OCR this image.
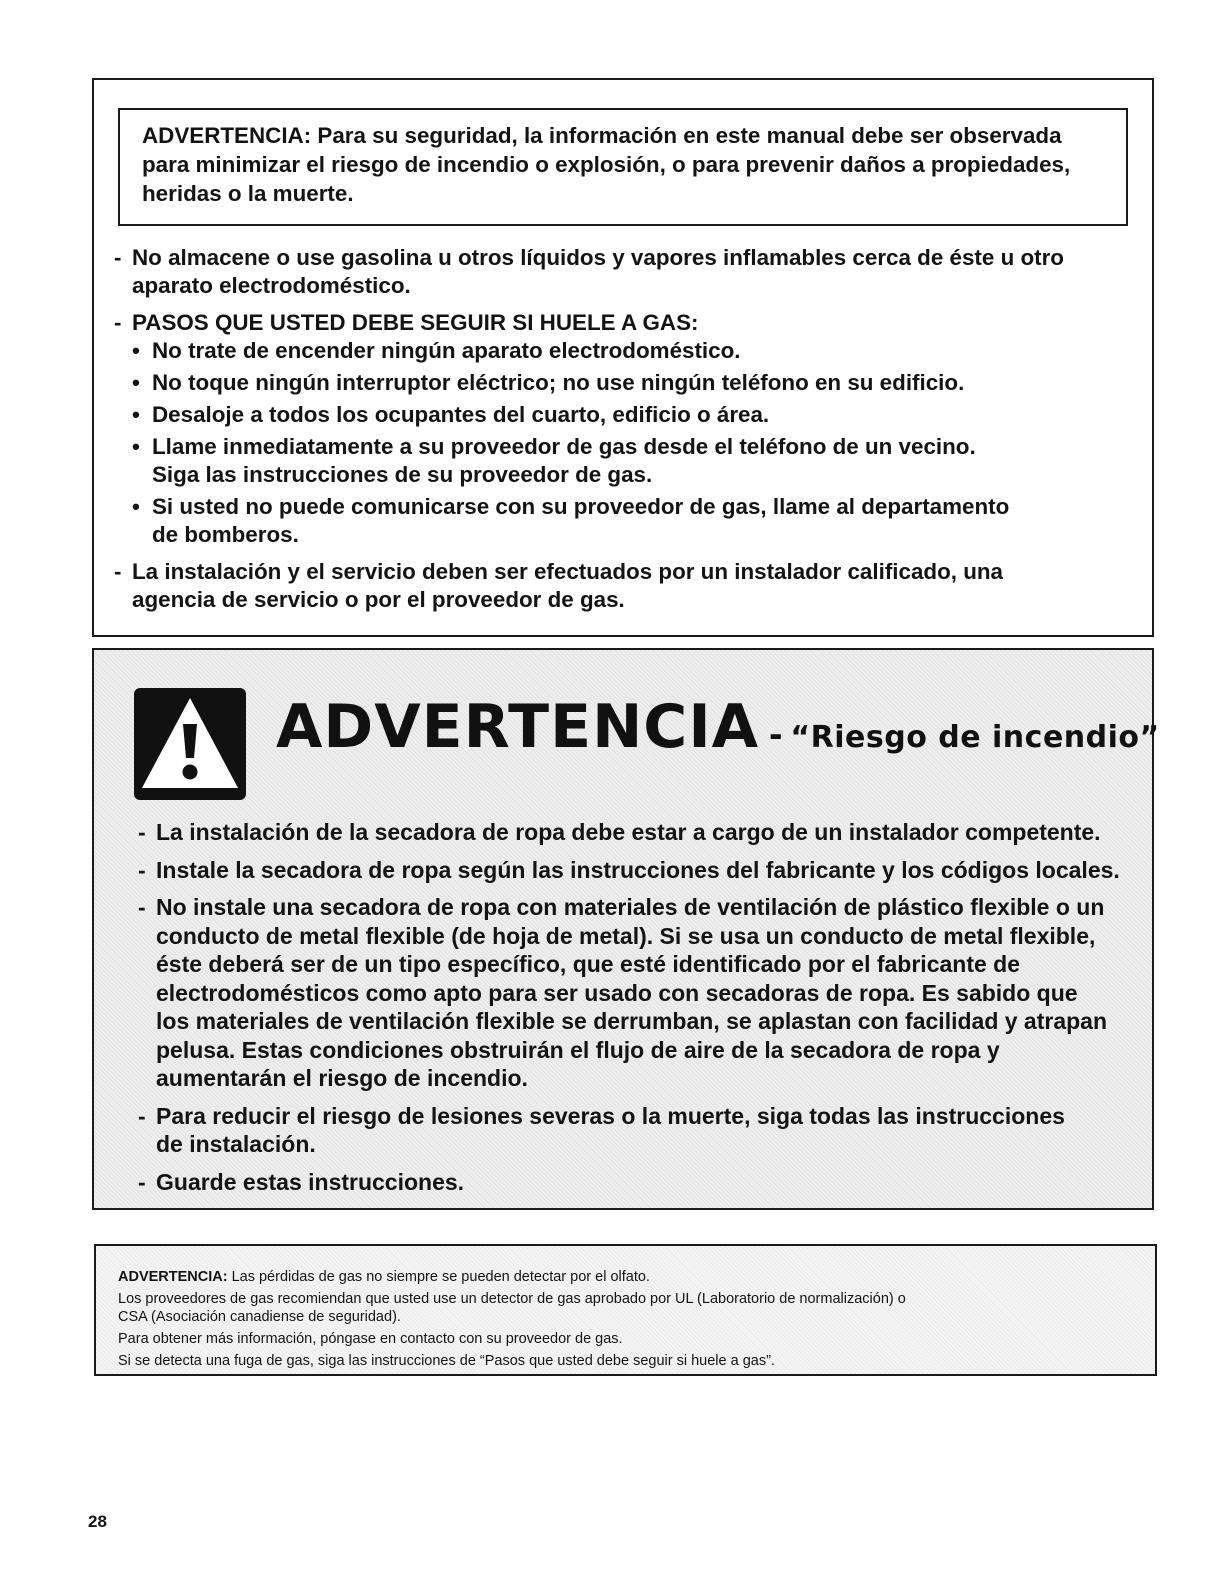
ADVERTENCIA: Para su seguridad, la información en este manual debe ser observada
para minimizar el riesgo de incendio o explosión, o para prevenir daños a propiedades,
heridas o la muerte.
- No almacene o use gasolina u otros líquidos y vapores inflamables cerca de éste u otro
aparato electrodoméstico.
- PASOS QUE USTED DEBE SEGUIR SI HUELE A GAS:
• No trate de encender ningún aparato electrodoméstico.
• No toque ningún interruptor eléctrico; no use ningún teléfono en su edificio.
• Desaloje a todos los ocupantes del cuarto, edificio o área.
• Llame inmediatamente a su proveedor de gas desde el teléfono de un vecino.
Siga las instrucciones de su proveedor de gas.
• Si usted no puede comunicarse con su proveedor de gas, llame al departamento
de bomberos.
- La instalación y el servicio deben ser efectuados por un instalador calificado, una
agencia de servicio o por el proveedor de gas.
ADVERTENCIA - “Riesgo de incendio”
- La instalación de la secadora de ropa debe estar a cargo de un instalador competente.
- Instale la secadora de ropa según las instrucciones del fabricante y los códigos locales.
- No instale una secadora de ropa con materiales de ventilación de plástico flexible o un
conducto de metal flexible (de hoja de metal). Si se usa un conducto de metal flexible,
éste deberá ser de un tipo específico, que esté identificado por el fabricante de
electrodomésticos como apto para ser usado con secadoras de ropa. Es sabido que
los materiales de ventilación flexible se derrumban, se aplastan con facilidad y atrapan
pelusa. Estas condiciones obstruirán el flujo de aire de la secadora de ropa y
aumentarán el riesgo de incendio.
- Para reducir el riesgo de lesiones severas o la muerte, siga todas las instrucciones
de instalación.
- Guarde estas instrucciones.

ADVERTENCIA: Las pérdidas de gas no siempre se pueden detectar por el olfato.

Los proveedores de gas recomiendan que usted use un detector de gas aprobado por UL (Laboratorio de normalización) o
CSA (Asociación canadiense de seguridad).

Para obtener más información, póngase en contacto con su proveedor de gas.

Si se detecta una fuga de gas, siga las instrucciones de “Pasos que usted debe seguir si huele a gas”.

28
